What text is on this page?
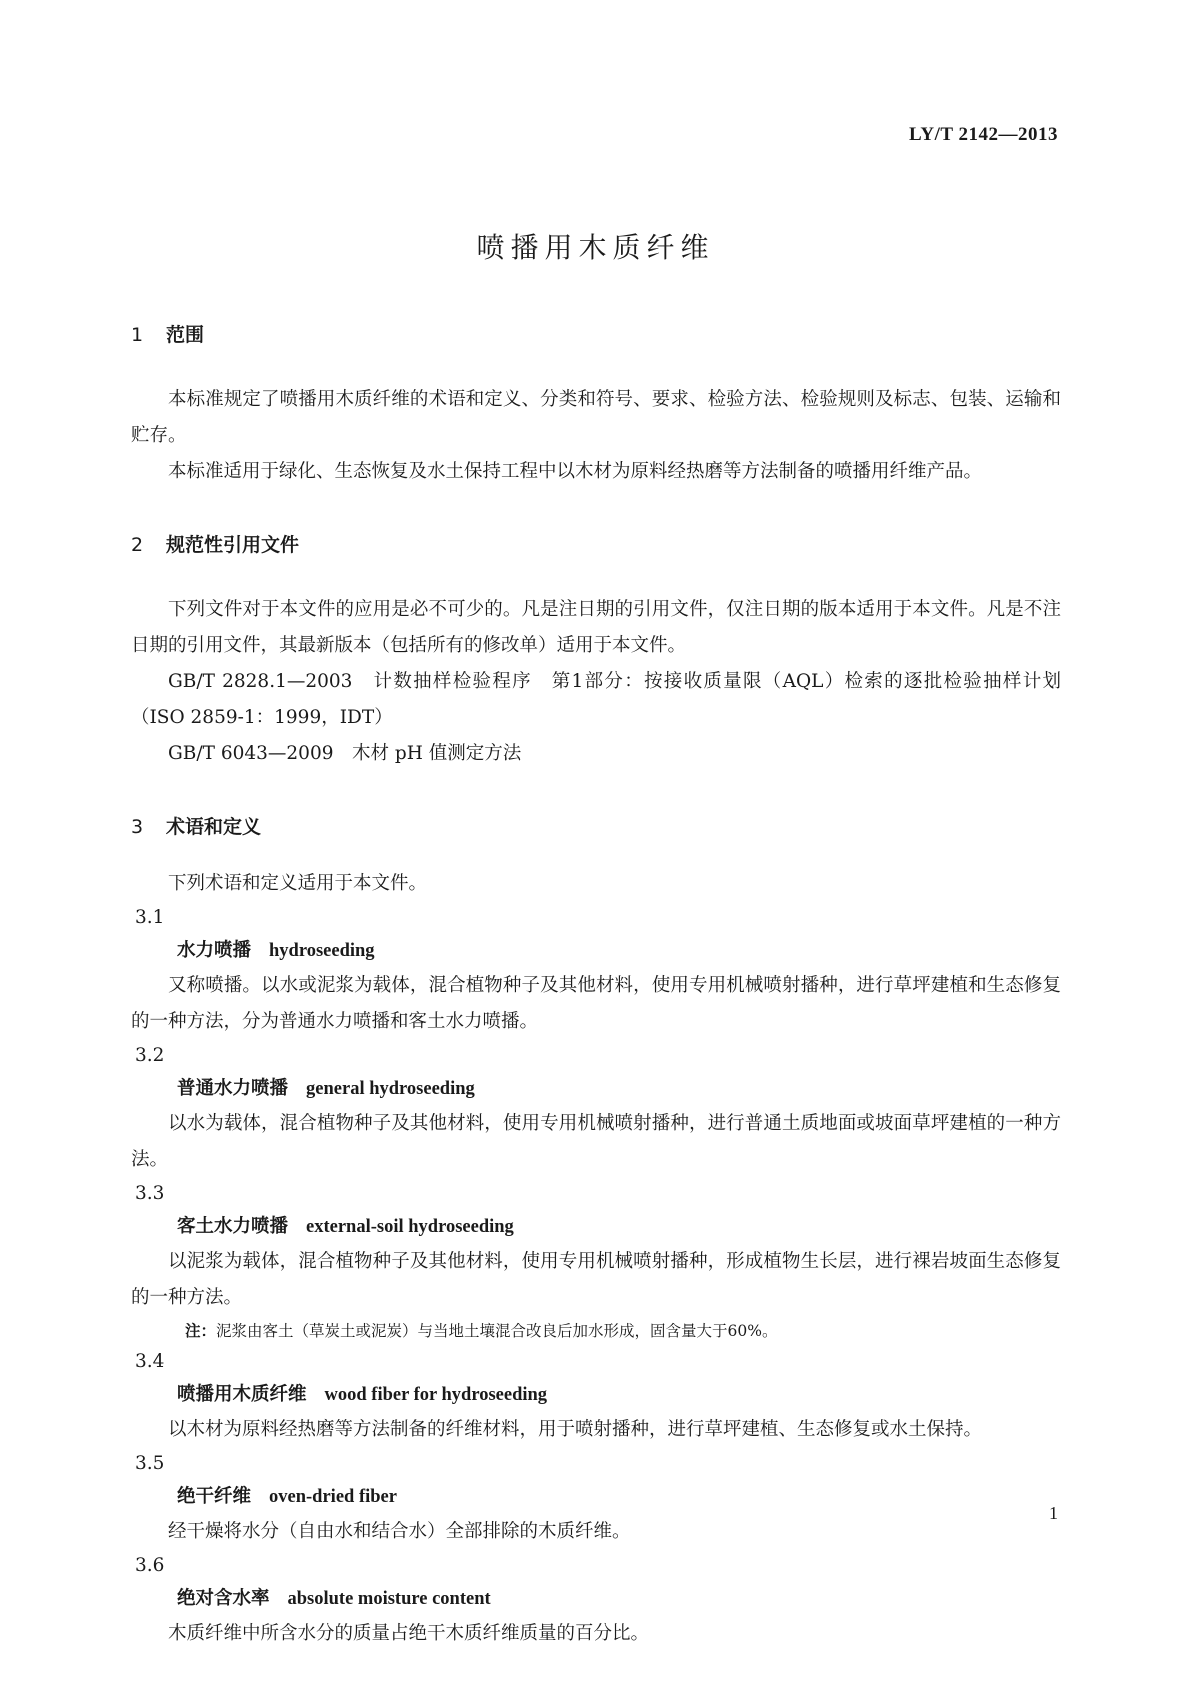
LY/T 2142—2013
喷播用木质纤维
1 范围

本标准规定了喷播用木质纤维的术语和定义、分类和符号、要求、检验方法、检验规则及标志、包装、运输和贮存。

本标准适用于绿化、生态恢复及水土保持工程中以木材为原料经热磨等方法制备的喷播用纤维产品。

2 规范性引用文件

下列文件对于本文件的应用是必不可少的。凡是注日期的引用文件，仅注日期的版本适用于本文件。凡是不注日期的引用文件，其最新版本（包括所有的修改单）适用于本文件。

GB/T 2828.1—2003　计数抽样检验程序　第1部分：按接收质量限（AQL）检索的逐批检验抽样计划（ISO 2859-1：1999，IDT）

GB/T 6043—2009　木材 pH 值测定方法

3 术语和定义

下列术语和定义适用于本文件。

3.1

水力喷播 hydroseeding

又称喷播。以水或泥浆为载体，混合植物种子及其他材料，使用专用机械喷射播种，进行草坪建植和生态修复的一种方法，分为普通水力喷播和客土水力喷播。

3.2

普通水力喷播 general hydroseeding

以水为载体，混合植物种子及其他材料，使用专用机械喷射播种，进行普通土质地面或坡面草坪建植的一种方法。

3.3

客土水力喷播 external-soil hydroseeding

以泥浆为载体，混合植物种子及其他材料，使用专用机械喷射播种，形成植物生长层，进行裸岩坡面生态修复的一种方法。

注：泥浆由客土（草炭土或泥炭）与当地土壤混合改良后加水形成，固含量大于60%。

3.4

喷播用木质纤维 wood fiber for hydroseeding

以木材为原料经热磨等方法制备的纤维材料，用于喷射播种，进行草坪建植、生态修复或水土保持。

3.5

绝干纤维 oven-dried fiber

经干燥将水分（自由水和结合水）全部排除的木质纤维。

3.6

绝对含水率 absolute moisture content

木质纤维中所含水分的质量占绝干木质纤维质量的百分比。

1
